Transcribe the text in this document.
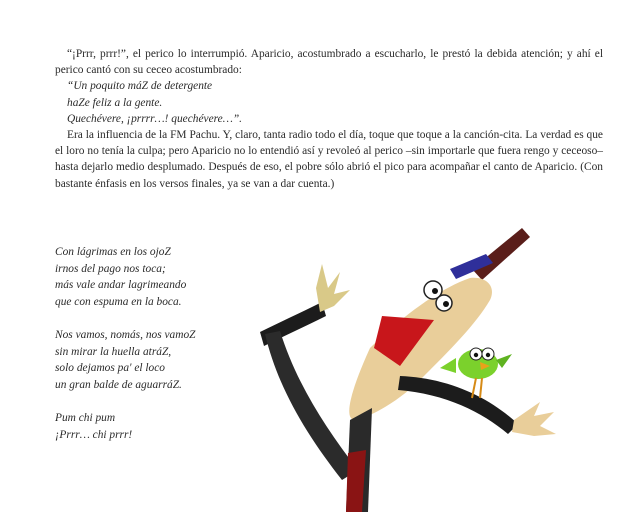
“¡Prrr, prrr!”, el perico lo interrumpió. Aparicio, acostumbrado a escucharlo, le prestó la debida atención; y ahí el perico cantó con su ceceo acostumbrado:

“Un poquito máZ de detergente
haZe feliz a la gente.
Quechévere, ¡prrrr…! quechévere…”.

Era la influencia de la FM Pachu. Y, claro, tanta radio todo el día, toque que toque a la canción-cita. La verdad es que el loro no tenía la culpa; pero Aparicio no lo entendió así y revoleó al perico –sin importarle que fuera rengo y ceceoso– hasta dejarlo medio desplumado. Después de eso, el pobre sólo abrió el pico para acompañar el canto de Aparicio. (Con bastante énfasis en los versos finales, ya se van a dar cuenta.)

Con lágrimas en los ojoZ
irnos del pago nos toca;
más vale andar lagrimeando
que con espuma en la boca.
Nos vamos, nomás, nos vamoZ
sin mirar la huella atráZ,
solo dejamos pa' el loco
un gran balde de aguarráZ.
Pum chi pum
¡Prrr… chi prrr!
